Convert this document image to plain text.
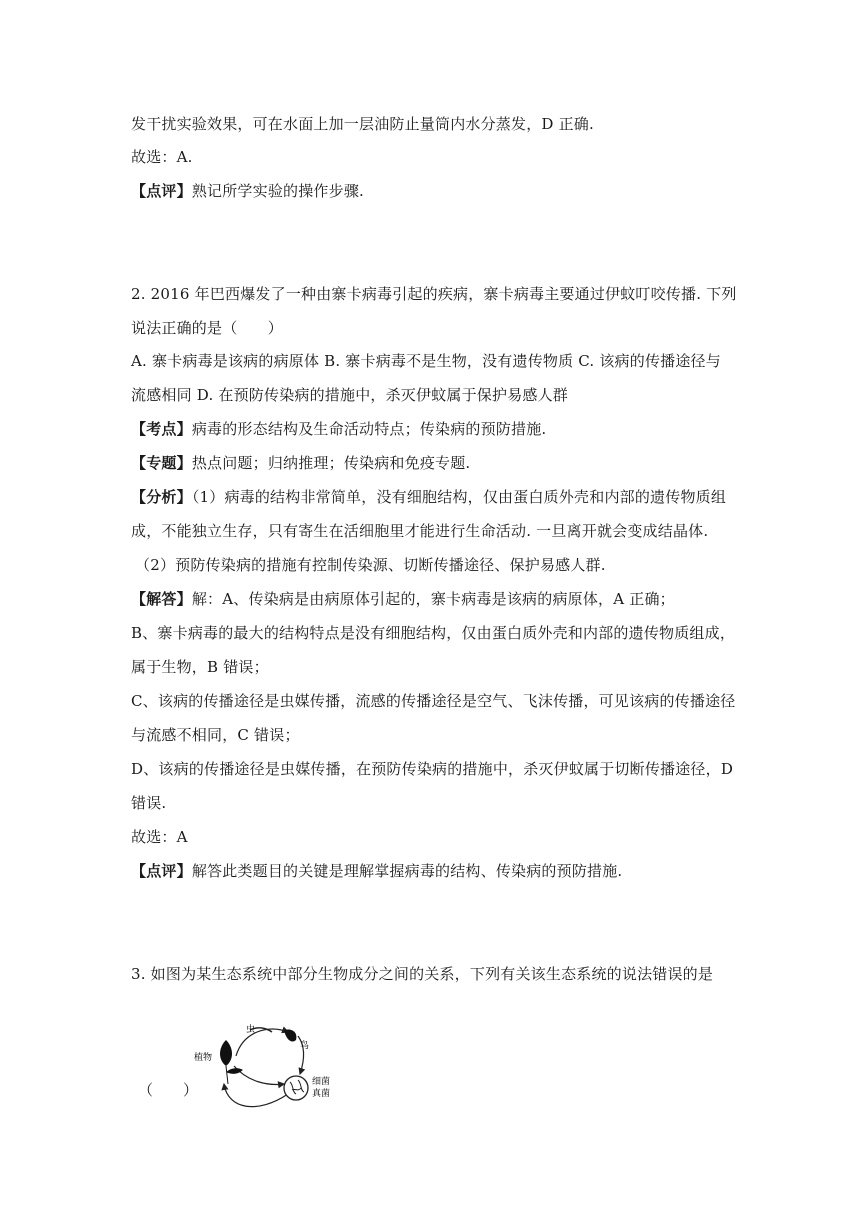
发干扰实验效果，可在水面上加一层油防止量筒内水分蒸发，D 正确.
故选：A.
【点评】熟记所学实验的操作步骤.
2. 2016 年巴西爆发了一种由寨卡病毒引起的疾病，寨卡病毒主要通过伊蚊叮咬传播. 下列
说法正确的是（　　）
A. 寨卡病毒是该病的病原体 B. 寨卡病毒不是生物，没有遗传物质 C. 该病的传播途径与
流感相同 D. 在预防传染病的措施中，杀灭伊蚊属于保护易感人群
【考点】病毒的形态结构及生命活动特点；传染病的预防措施.
【专题】热点问题；归纳推理；传染病和免疫专题.
【分析】（1）病毒的结构非常简单，没有细胞结构，仅由蛋白质外壳和内部的遗传物质组
成，不能独立生存，只有寄生在活细胞里才能进行生命活动. 一旦离开就会变成结晶体.
（2）预防传染病的措施有控制传染源、切断传播途径、保护易感人群.
【解答】解：A、传染病是由病原体引起的，寨卡病毒是该病的病原体，A 正确；
B、寨卡病毒的最大的结构特点是没有细胞结构，仅由蛋白质外壳和内部的遗传物质组成，
属于生物，B 错误；
C、该病的传播途径是虫媒传播，流感的传播途径是空气、飞沫传播，可见该病的传播途径
与流感不相同，C 错误；
D、该病的传播途径是虫媒传播，在预防传染病的措施中，杀灭伊蚊属于切断传播途径，D
错误.
故选：A
【点评】解答此类题目的关键是理解掌握病毒的结构、传染病的预防措施.
3. 如图为某生态系统中部分生物成分之间的关系，下列有关该生态系统的说法错误的是
虫
鸟
植物
细菌
真菌
（　　）
